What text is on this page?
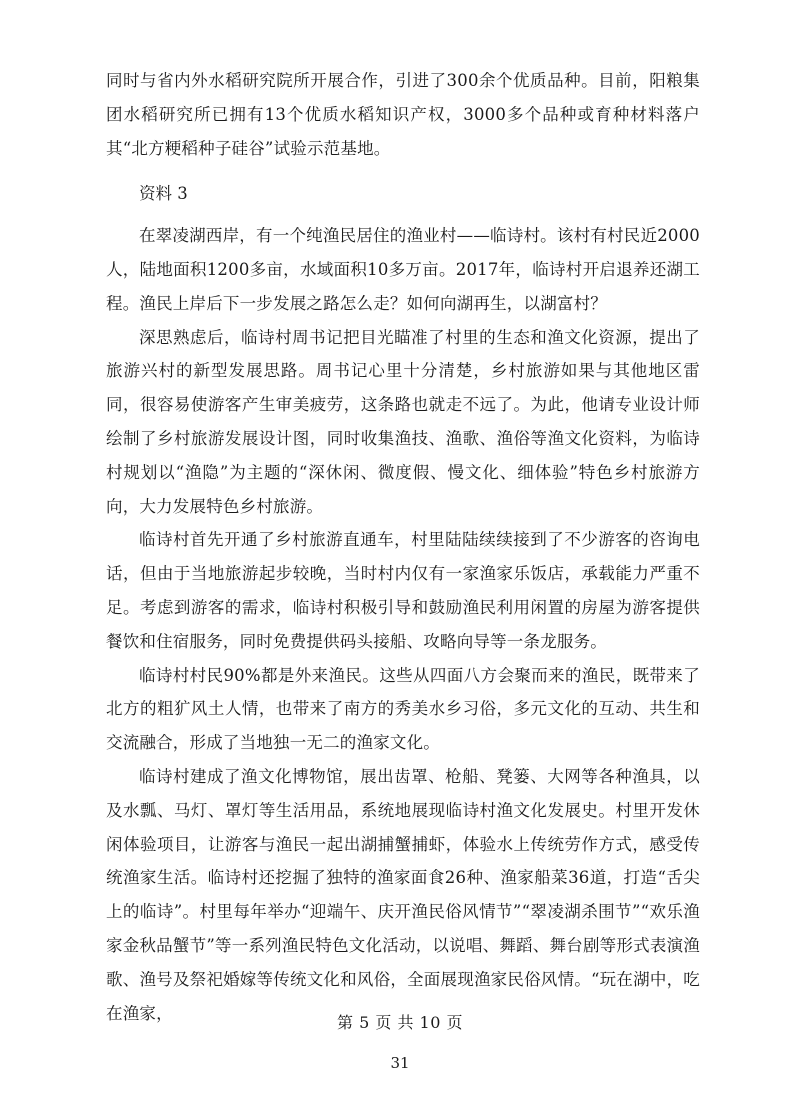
同时与省内外水稻研究院所开展合作，引进了300余个优质品种。目前，阳粮集团水稻研究所已拥有13个优质水稻知识产权，3000多个品种或育种材料落户其“北方粳稻种子硅谷”试验示范基地。

资料 3

在翠凌湖西岸，有一个纯渔民居住的渔业村——临诗村。该村有村民近2000人，陆地面积1200多亩，水域面积10多万亩。2017年，临诗村开启退养还湖工程。渔民上岸后下一步发展之路怎么走？如何向湖再生，以湖富村？

深思熟虑后，临诗村周书记把目光瞄准了村里的生态和渔文化资源，提出了旅游兴村的新型发展思路。周书记心里十分清楚，乡村旅游如果与其他地区雷同，很容易使游客产生审美疲劳，这条路也就走不远了。为此，他请专业设计师绘制了乡村旅游发展设计图，同时收集渔技、渔歌、渔俗等渔文化资料，为临诗村规划以“渔隐”为主题的“深休闲、微度假、慢文化、细体验”特色乡村旅游方向，大力发展特色乡村旅游。

临诗村首先开通了乡村旅游直通车，村里陆陆续续接到了不少游客的咨询电话，但由于当地旅游起步较晚，当时村内仅有一家渔家乐饭店，承载能力严重不足。考虑到游客的需求，临诗村积极引导和鼓励渔民利用闲置的房屋为游客提供餐饮和住宿服务，同时免费提供码头接船、攻略向导等一条龙服务。

临诗村村民90%都是外来渔民。这些从四面八方会聚而来的渔民，既带来了北方的粗犷风土人情，也带来了南方的秀美水乡习俗，多元文化的互动、共生和交流融合，形成了当地独一无二的渔家文化。

临诗村建成了渔文化博物馆，展出齿罩、枪船、凳篓、大网等各种渔具，以及水瓢、马灯、罩灯等生活用品，系统地展现临诗村渔文化发展史。村里开发休闲体验项目，让游客与渔民一起出湖捕蟹捕虾，体验水上传统劳作方式，感受传统渔家生活。临诗村还挖掘了独特的渔家面食26种、渔家船菜36道，打造“舌尖上的临诗”。村里每年举办“迎端午、庆开渔民俗风情节”“翠凌湖杀围节”“欢乐渔家金秋品蟹节”等一系列渔民特色文化活动，以说唱、舞蹈、舞台剧等形式表演渔歌、渔号及祭祀婚嫁等传统文化和风俗，全面展现渔家民俗风情。“玩在湖中，吃在渔家，	第 5 页 共 10 页
31
